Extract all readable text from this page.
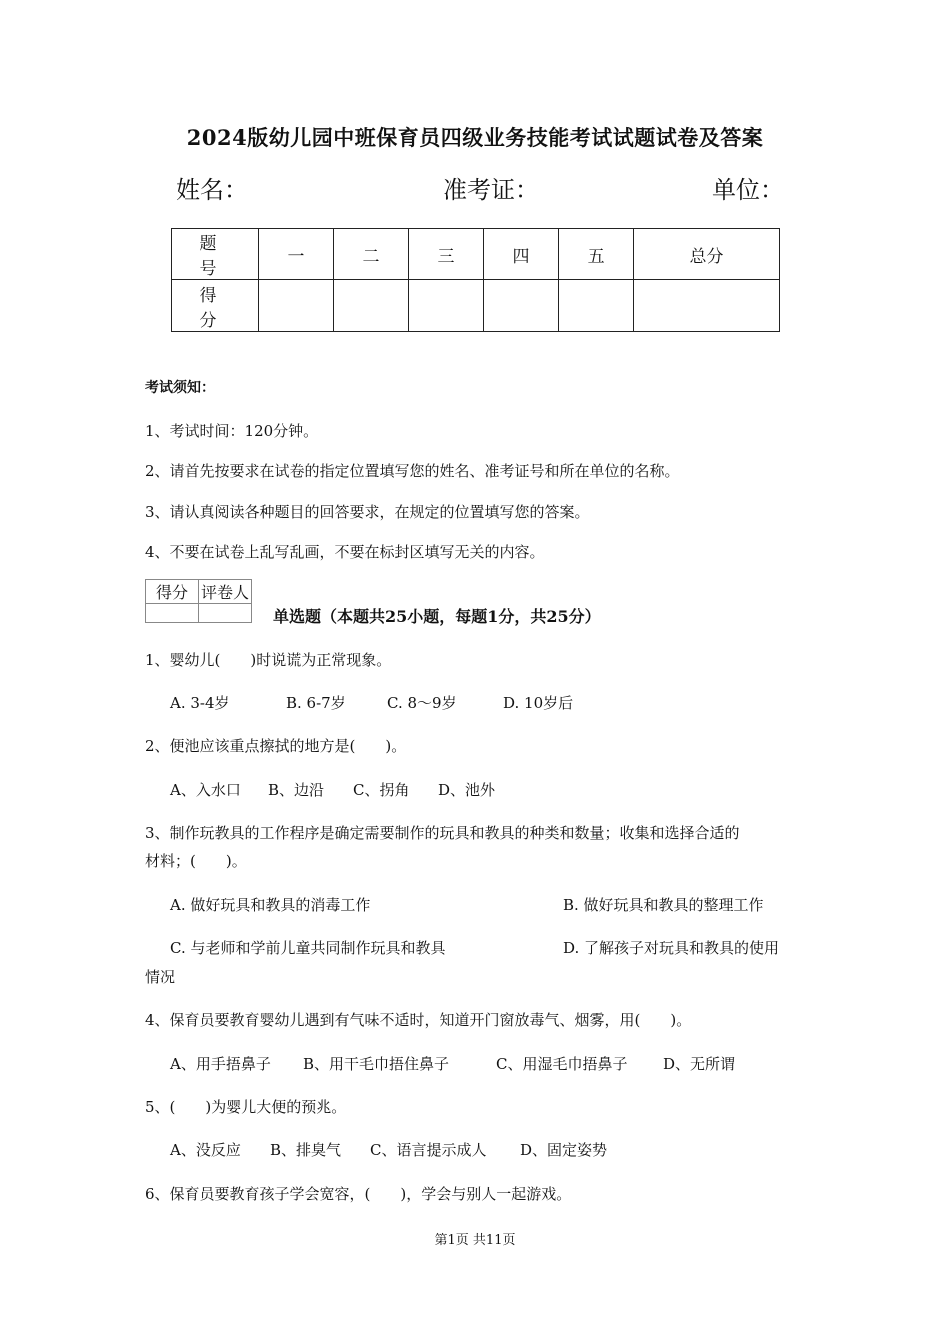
2024版幼儿园中班保育员四级业务技能考试试题试卷及答案
姓名：	准考证：	单位：
题　号	一	二	三	四	五	总分
得　分						
考试须知：
1、考试时间：120分钟。
2、请首先按要求在试卷的指定位置填写您的姓名、准考证号和所在单位的名称。
3、请认真阅读各种题目的回答要求，在规定的位置填写您的答案。
4、不要在试卷上乱写乱画，不要在标封区填写无关的内容。
得分	评卷人

单选题（本题共25小题，每题1分，共25分）
1、婴幼儿(　　)时说谎为正常现象。
A. 3-4岁	B. 6-7岁	C. 8～9岁	D. 10岁后
2、便池应该重点擦拭的地方是(　　)。
A、入水口 B、边沿 C、拐角 D、池外
3、制作玩教具的工作程序是确定需要制作的玩具和教具的种类和数量；收集和选择合适的
材料；(　　)。
A. 做好玩具和教具的消毒工作	B. 做好玩具和教具的整理工作
C. 与老师和学前儿童共同制作玩具和教具	D. 了解孩子对玩具和教具的使用
情况
4、保育员要教育婴幼儿遇到有气味不适时，知道开门窗放毒气、烟雾，用(　　)。
A、用手捂鼻子 B、用干毛巾捂住鼻子	C、用湿毛巾捂鼻子 D、无所谓
5、(　　)为婴儿大便的预兆。
A、没反应 B、排臭气 C、语言提示成人 D、固定姿势
6、保育员要教育孩子学会宽容，(　　)，学会与别人一起游戏。
第1页 共11页
